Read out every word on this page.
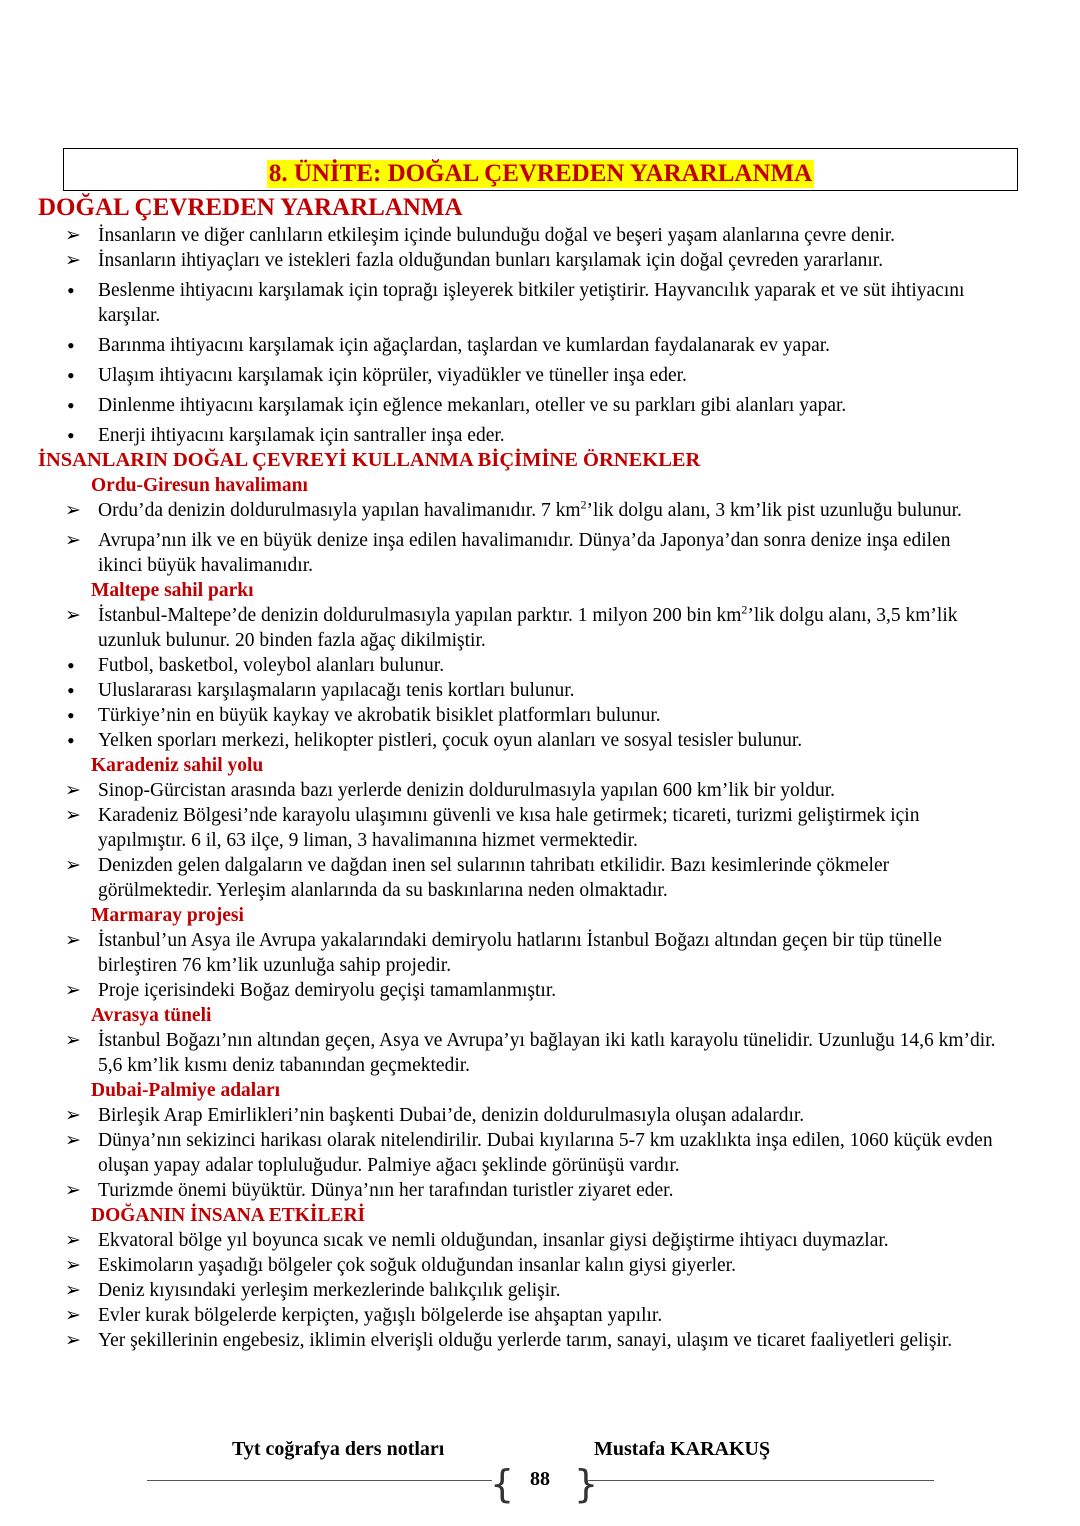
8. ÜNİTE: DOĞAL ÇEVREDEN YARARLANMA
DOĞAL ÇEVREDEN YARARLANMA
➢ İnsanların ve diğer canlıların etkileşim içinde bulunduğu doğal ve beşeri yaşam alanlarına çevre denir.
➢ İnsanların ihtiyaçları ve istekleri fazla olduğundan bunları karşılamak için doğal çevreden yararlanır.
•	Beslenme ihtiyacını karşılamak için toprağı işleyerek bitkiler yetiştirir. Hayvancılık yaparak et ve süt ihtiyacını karşılar.
•	Barınma ihtiyacını karşılamak için ağaçlardan, taşlardan ve kumlardan faydalanarak ev yapar.
•	Ulaşım ihtiyacını karşılamak için köprüler, viyadükler ve tüneller inşa eder.
•	Dinlenme ihtiyacını karşılamak için eğlence mekanları, oteller ve su parkları gibi alanları yapar.
•	Enerji ihtiyacını karşılamak için santraller inşa eder.
İNSANLARIN DOĞAL ÇEVREYİ KULLANMA BİÇİMİNE ÖRNEKLER
Ordu-Giresun havalimanı
➢ Ordu’da denizin doldurulmasıyla yapılan havalimanıdır. 7 $km^2’lik$ dolgu alanı, 3 km’lik pist uzunluğu bulunur.
➢ Avrupa’nın ilk ve en büyük denize inşa edilen havalimanıdır. Dünya’da Japonya’dan sonra denize inşa edilen ikinci büyük havalimanıdır.
Maltepe sahil parkı
➢ İstanbul-Maltepe’de denizin doldurulmasıyla yapılan parktır. 1 milyon 200 bin $km^2’lik$ dolgu alanı, 3,5 km’lik uzunluk bulunur. 20 binden fazla ağaç dikilmiştir.
•	Futbol, basketbol, voleybol alanları bulunur.
•	Uluslararası karşılaşmaların yapılacağı tenis kortları bulunur.
•	Türkiye’nin en büyük kaykay ve akrobatik bisiklet platformları bulunur.
•	Yelken sporları merkezi, helikopter pistleri, çocuk oyun alanları ve sosyal tesisler bulunur.
Karadeniz sahil yolu
➢ Sinop-Gürcistan arasında bazı yerlerde denizin doldurulmasıyla yapılan 600 km’lik bir yoldur.
➢ Karadeniz Bölgesi’nde karayolu ulaşımını güvenli ve kısa hale getirmek; ticareti, turizmi geliştirmek için yapılmıştır. 6 il, 63 ilçe, 9 liman, 3 havalimanına hizmet vermektedir.
➢ Denizden gelen dalgaların ve dağdan inen sel sularının tahribatı etkilidir. Bazı kesimlerinde çökmeler görülmektedir. Yerleşim alanlarında da su baskınlarına neden olmaktadır.
Marmaray projesi
➢ İstanbul’un Asya ile Avrupa yakalarındaki demiryolu hatlarını İstanbul Boğazı altından geçen bir tüp tünelle birleştiren 76 km’lik uzunluğa sahip projedir.
➢ Proje içerisindeki Boğaz demiryolu geçişi tamamlanmıştır.
Avrasya tüneli
➢ İstanbul Boğazı’nın altından geçen, Asya ve Avrupa’yı bağlayan iki katlı karayolu tünelidir. Uzunluğu 14,6 km’dir. 5,6 km’lik kısmı deniz tabanından geçmektedir.
Dubai-Palmiye adaları
➢ Birleşik Arap Emirlikleri’nin başkenti Dubai’de, denizin doldurulmasıyla oluşan adalardır.
➢ Dünya’nın sekizinci harikası olarak nitelendirilir. Dubai kıyılarına 5-7 km uzaklıkta inşa edilen, 1060 küçük evden oluşan yapay adalar topluluğudur. Palmiye ağacı şeklinde görünüşü vardır.
➢ Turizmde önemi büyüktür. Dünya’nın her tarafından turistler ziyaret eder.
DOĞANIN İNSANA ETKİLERİ
➢ Ekvatoral bölge yıl boyunca sıcak ve nemli olduğundan, insanlar giysi değiştirme ihtiyacı duymazlar.
➢ Eskimoların yaşadığı bölgeler çok soğuk olduğundan insanlar kalın giysi giyerler.
➢ Deniz kıyısındaki yerleşim merkezlerinde balıkçılık gelişir.
➢ Evler kurak bölgelerde kerpiçten, yağışlı bölgelerde ise ahşaptan yapılır.
➢ Yer şekillerinin engebesiz, iklimin elverişli olduğu yerlerde tarım, sanayi, ulaşım ve ticaret faaliyetleri gelişir.
Tyt coğrafya ders notları	Mustafa KARAKUŞ
{ }
88
